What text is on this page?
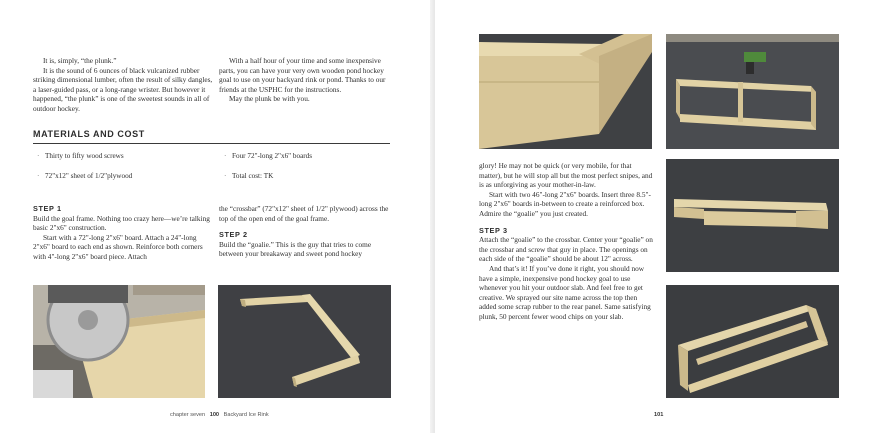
It is, simply, “the plunk.”

It is the sound of 6 ounces of black vulcanized rubber striking dimensional lumber, often the result of silky dangles, a laser-guided pass, or a long-range wrister. But however it happened, “the plunk” is one of the sweetest sounds in all of outdoor hockey.

With a half hour of your time and some inexpensive parts, you can have your very own wooden pond hockey goal to use on your backyard rink or pond. Thanks to our friends at the USPHC for the instructions.

May the plunk be with you.

MATERIALS AND COST
· Thirty to fifty wood screws
· 72"x12" sheet of 1/2"plywood
· Four 72"-long 2"x6" boards
· Total cost: TK

STEP 1

Build the goal frame. Nothing too crazy here—we’re talking basic 2"x6" construction.

Start with a 72"-long 2"x6" board. Attach a 24"-long 2"x6" board to each end as shown. Reinforce both corners with 4"-long 2"x6" board piece. Attach

the “crossbar” (72"x12" sheet of 1/2" plywood) across the top of the open end of the goal frame.

STEP 2

Build the “goalie.” This is the guy that tries to come between your breakaway and sweet pond hockey

chapter seven 100 Backyard Ice Rink

glory! He may not be quick (or very mobile, for that matter), but he will stop all but the most perfect snipes, and is as unforgiving as your mother-in-law.

Start with two 46"-long 2"x6" boards. Insert three 8.5"-long 2"x6" boards in-between to create a reinforced box. Admire the “goalie” you just created.

STEP 3

Attach the “goalie” to the crossbar. Center your “goalie” on the crossbar and screw that guy in place. The openings on each side of the “goalie” should be about 12" across.

And that’s it! If you’ve done it right, you should now have a simple, inexpensive pond hockey goal to use whenever you hit your outdoor slab. And feel free to get creative. We sprayed our site name across the top then added some scrap rubber to the rear panel. Same satisfying plunk, 50 percent fewer wood chips on your slab.

101
